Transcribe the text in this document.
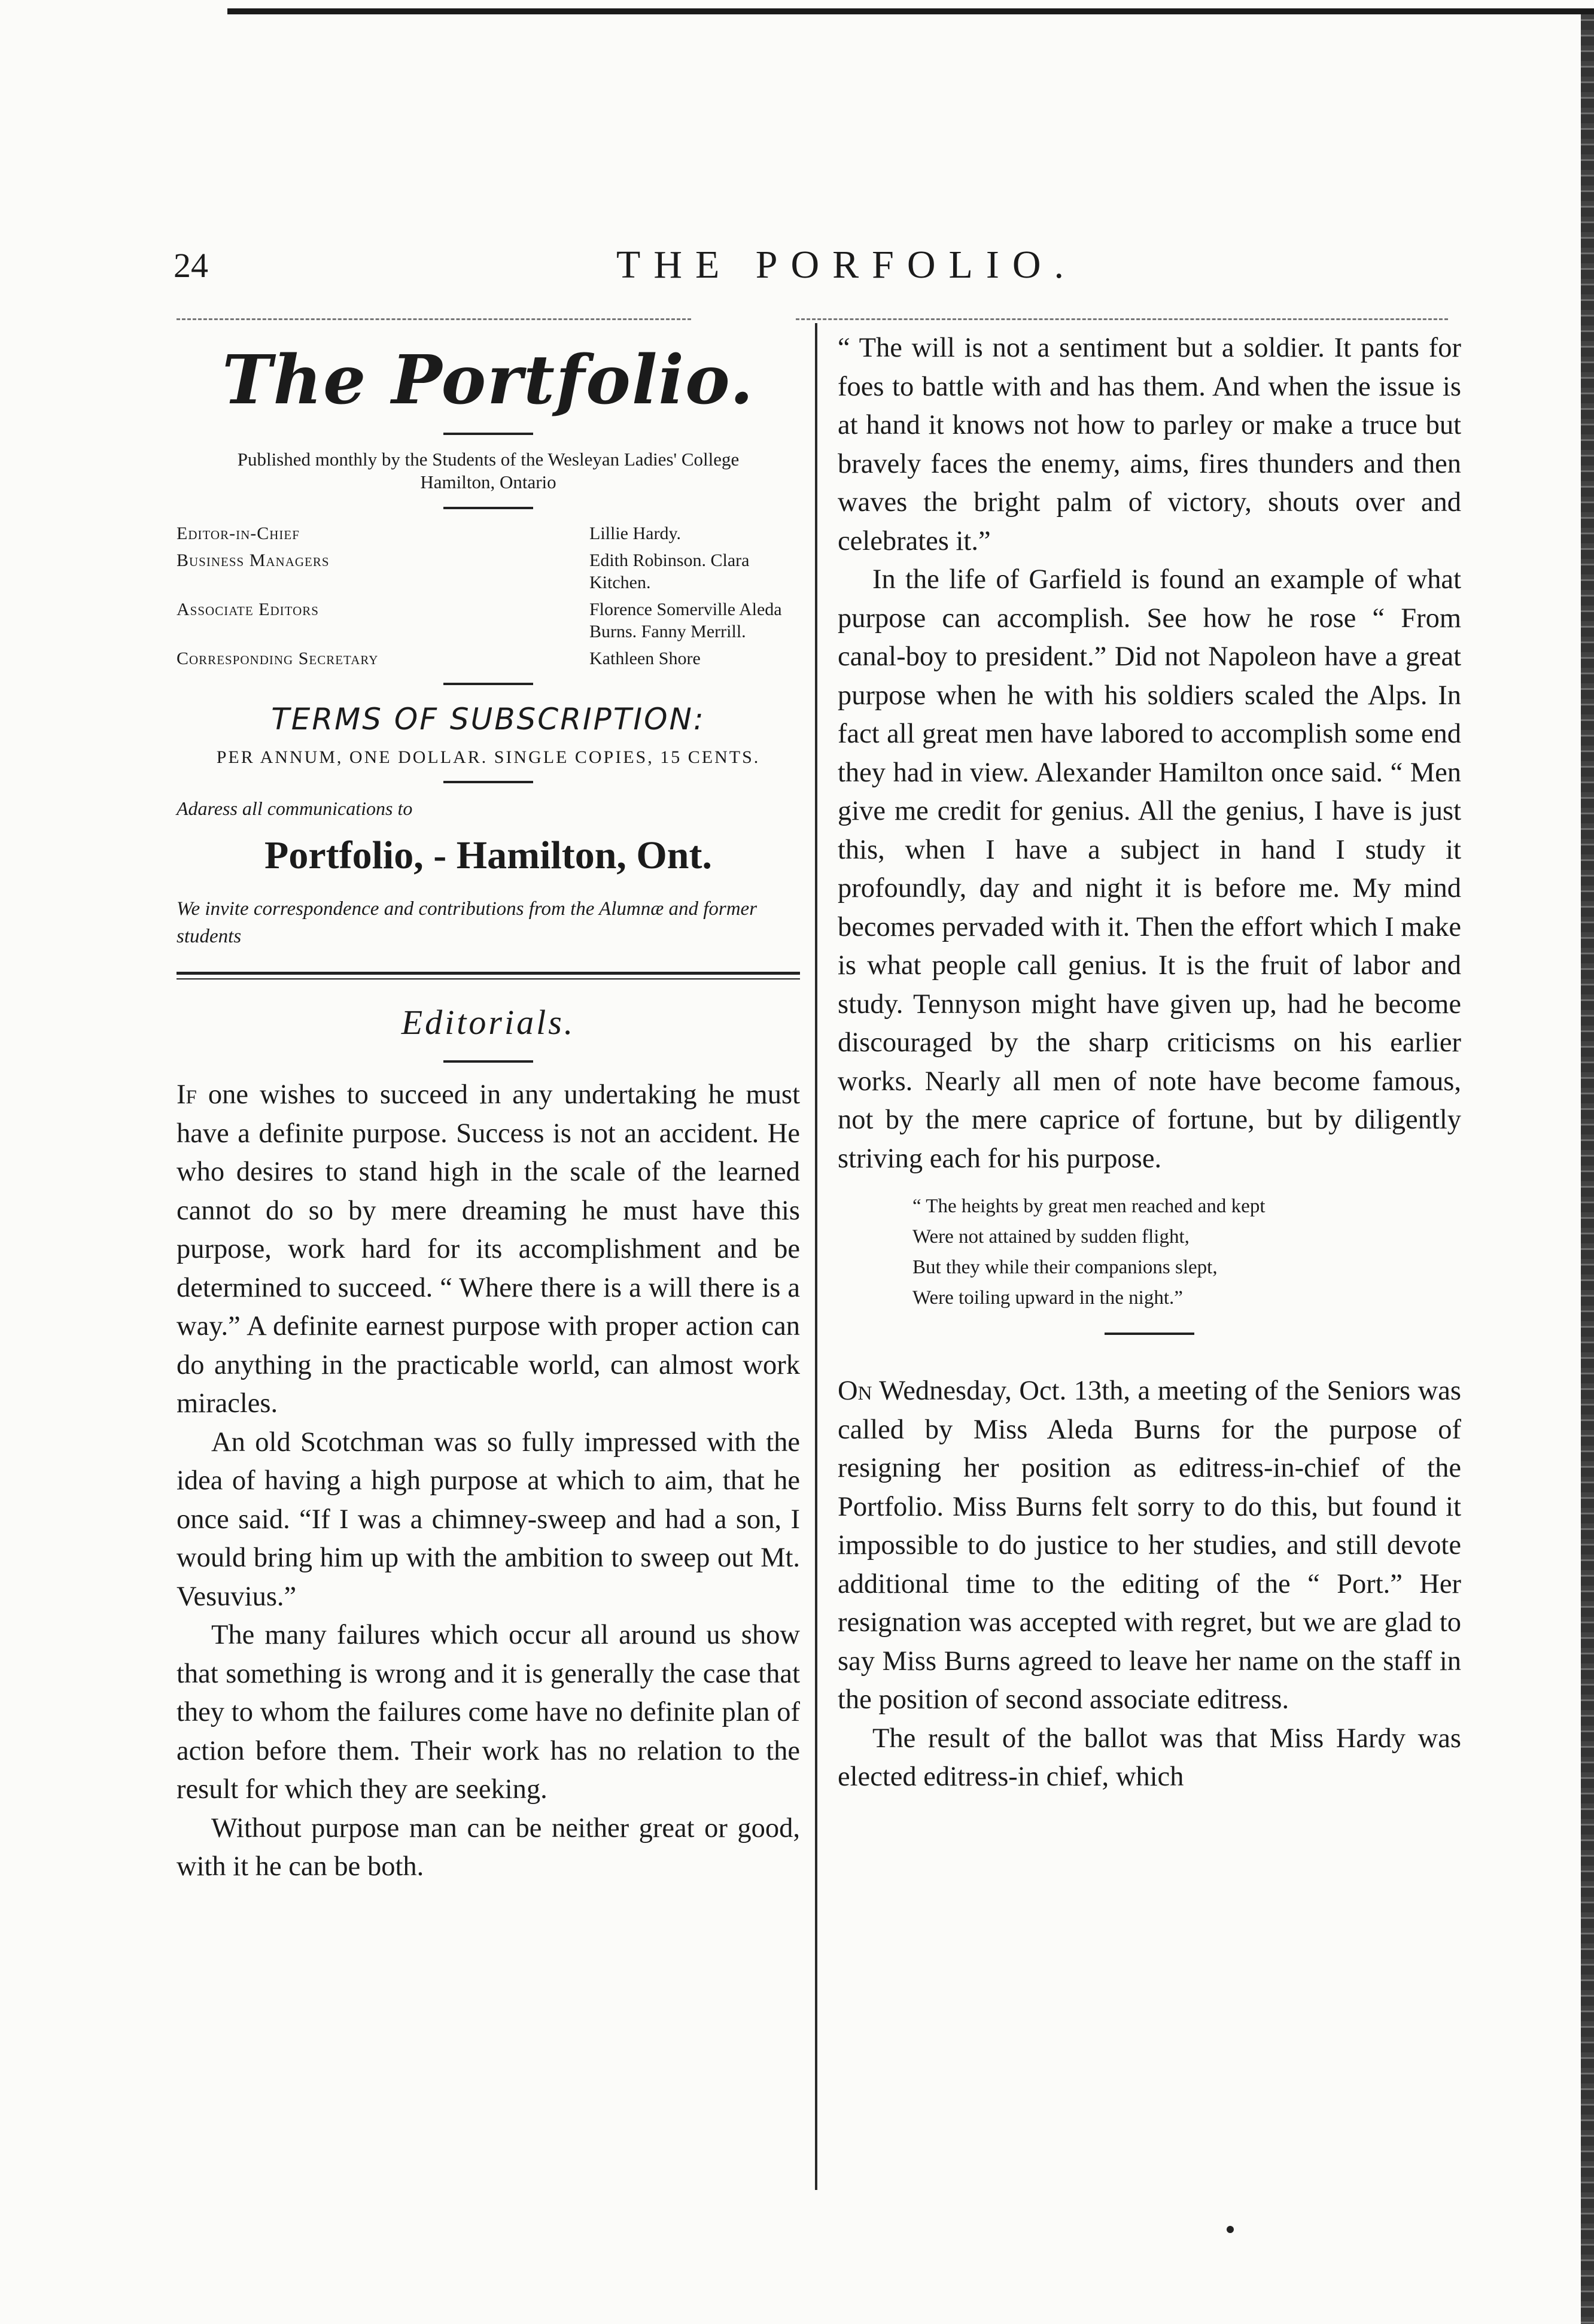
24	THE PORFOLIO.
The Portfolio.
Published monthly by the Students of the Wesleyan Ladies' College Hamilton, Ontario
Editor-in-Chief	Lillie Hardy.
Business Managers	Edith Robinson. Clara Kitchen.
Associate Editors	Florence Somerville Aleda Burns. Fanny Merrill.
Corresponding Secretary	Kathleen Shore
TERMS OF SUBSCRIPTION:
PER ANNUM, ONE DOLLAR. SINGLE COPIES, 15 CENTS.
Adaress all communications to
Portfolio, - Hamilton, Ont.
We invite correspondence and contributions from the Alumnæ and former students
Editorials.

If one wishes to succeed in any undertaking he must have a definite purpose. Success is not an accident. He who desires to stand high in the scale of the learned cannot do so by mere dreaming he must have this purpose, work hard for its accomplishment and be determined to succeed. “ Where there is a will there is a way.” A definite earnest purpose with proper action can do anything in the practicable world, can almost work miracles.

An old Scotchman was so fully impressed with the idea of having a high purpose at which to aim, that he once said. “If I was a chimney-sweep and had a son, I would bring him up with the ambition to sweep out Mt. Vesuvius.”

The many failures which occur all around us show that something is wrong and it is generally the case that they to whom the failures come have no definite plan of action before them. Their work has no relation to the result for which they are seeking.

Without purpose man can be neither great or good, with it he can be both.

“ The will is not a sentiment but a soldier. It pants for foes to battle with and has them. And when the issue is at hand it knows not how to parley or make a truce but bravely faces the enemy, aims, fires thunders and then waves the bright palm of victory, shouts over and celebrates it.”

In the life of Garfield is found an example of what purpose can accomplish. See how he rose “ From canal-boy to president.” Did not Napoleon have a great purpose when he with his soldiers scaled the Alps. In fact all great men have labored to accomplish some end they had in view. Alexander Hamilton once said. “ Men give me credit for genius. All the genius, I have is just this, when I have a subject in hand I study it profoundly, day and night it is before me. My mind becomes pervaded with it. Then the effort which I make is what people call genius. It is the fruit of labor and study. Tennyson might have given up, had he become discouraged by the sharp criticisms on his earlier works. Nearly all men of note have become famous, not by the mere caprice of fortune, but by diligently striving each for his purpose.

“ The heights by great men reached and kept
Were not attained by sudden flight,
But they while their companions slept,
Were toiling upward in the night.”

On Wednesday, Oct. 13th, a meeting of the Seniors was called by Miss Aleda Burns for the purpose of resigning her position as editress-in-chief of the Portfolio. Miss Burns felt sorry to do this, but found it impossible to do justice to her studies, and still devote additional time to the editing of the “ Port.” Her resignation was accepted with regret, but we are glad to say Miss Burns agreed to leave her name on the staff in the position of second associate editress.

The result of the ballot was that Miss Hardy was elected editress-in chief, which
